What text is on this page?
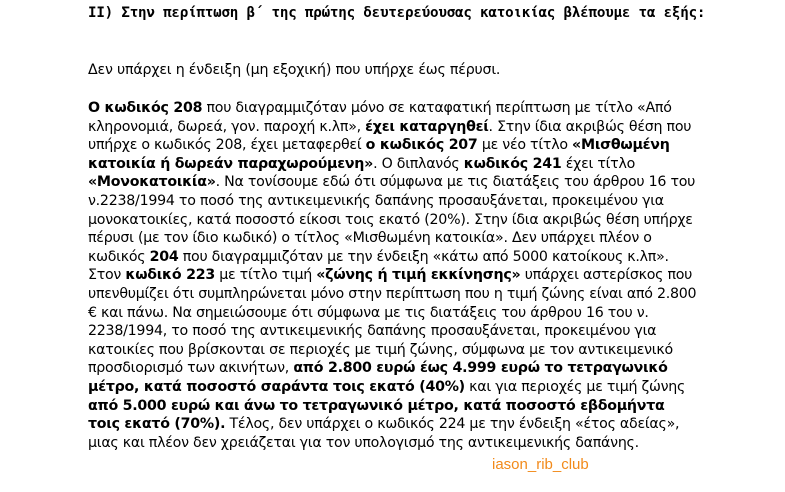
ΙΙ) Στην περίπτωση β΄ της πρώτης δευτερεύουσας κατοικίας βλέπουμε τα εξής:
Δεν υπάρχει η ένδειξη (μη εξοχική) που υπήρχε έως πέρυσι.
Ο κωδικός 208 που διαγραμμιζόταν μόνο σε καταφατική περίπτωση με τίτλο «Από κληρονομιά, δωρεά, γον. παροχή κ.λπ», έχει καταργηθεί. Στην ίδια ακριβώς θέση που υπήρχε ο κωδικός 208, έχει μεταφερθεί ο κωδικός 207 με νέο τίτλο «Μισθωμένη κατοικία ή δωρεάν παραχωρούμενη». Ο διπλανός κωδικός 241 έχει τίτλο «Μονοκατοικία». Να τονίσουμε εδώ ότι σύμφωνα με τις διατάξεις του άρθρου 16 του ν.2238/1994 το ποσό της αντικειμενικής δαπάνης προσαυξάνεται, προκειμένου για μονοκατοικίες, κατά ποσοστό είκοσι τοις εκατό (20%). Στην ίδια ακριβώς θέση υπήρχε πέρυσι (με τον ίδιο κωδικό) ο τίτλος «Μισθωμένη κατοικία». Δεν υπάρχει πλέον ο κωδικός 204 που διαγραμμιζόταν με την ένδειξη «κάτω από 5000 κατοίκους κ.λπ». Στον κωδικό 223 με τίτλο τιμή «ζώνης ή τιμή εκκίνησης» υπάρχει αστερίσκος που υπενθυμίζει ότι συμπληρώνεται μόνο στην περίπτωση που η τιμή ζώνης είναι από 2.800 € και πάνω. Να σημειώσουμε ότι σύμφωνα με τις διατάξεις του άρθρου 16 του ν. 2238/1994, το ποσό της αντικειμενικής δαπάνης προσαυξάνεται, προκειμένου για κατοικίες που βρίσκονται σε περιοχές με τιμή ζώνης, σύμφωνα με τον αντικειμενικό προσδιορισμό των ακινήτων, από 2.800 ευρώ έως 4.999 ευρώ το τετραγωνικό μέτρο, κατά ποσοστό σαράντα τοις εκατό (40%) και για περιοχές με τιμή ζώνης από 5.000 ευρώ και άνω το τετραγωνικό μέτρο, κατά ποσοστό εβδομήντα τοις εκατό (70%). Τέλος, δεν υπάρχει ο κωδικός 224 με την ένδειξη «έτος αδείας», μιας και πλέον δεν χρειάζεται για τον υπολογισμό της αντικειμενικής δαπάνης.
iason_rib_club
